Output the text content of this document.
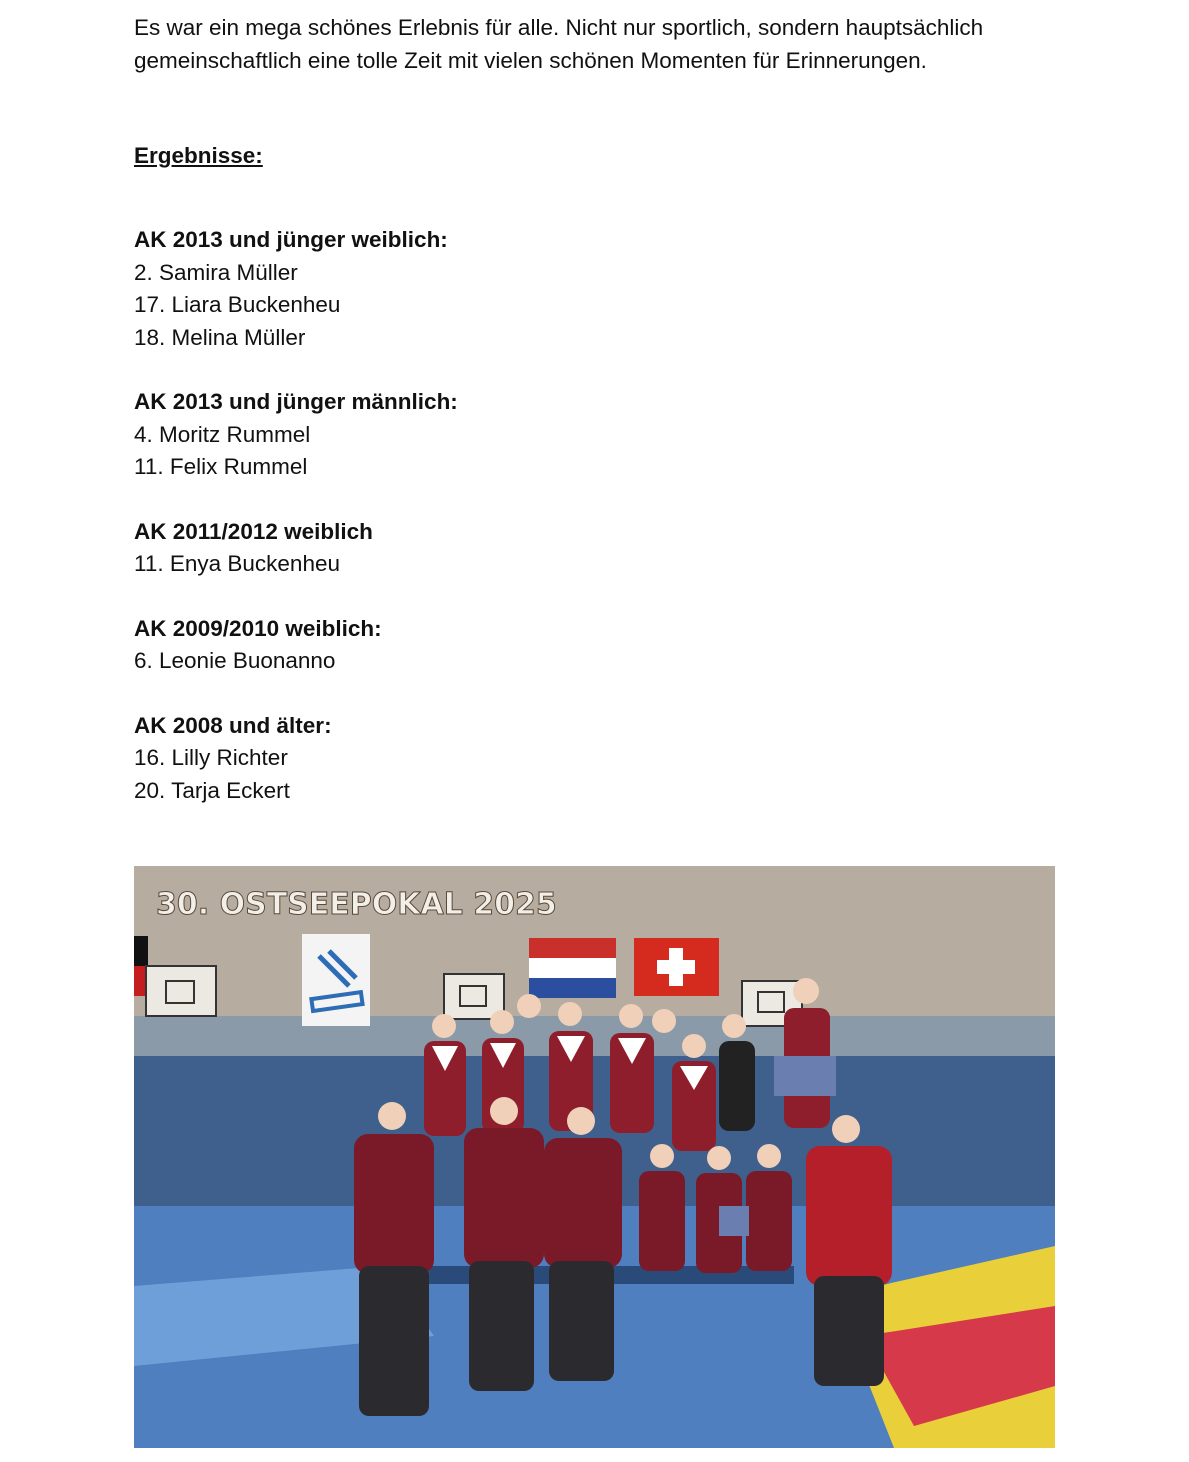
Es war ein mega schönes Erlebnis für alle. Nicht nur sportlich, sondern hauptsächlich

gemeinschaftlich eine tolle Zeit mit vielen schönen Momenten für Erinnerungen.

Ergebnisse:

AK 2013 und jünger weiblich:

2. Samira Müller

17. Liara Buckenheu

18. Melina Müller

AK 2013 und jünger männlich:

4. Moritz Rummel

11. Felix Rummel

AK 2011/2012 weiblich

11. Enya Buckenheu

AK 2009/2010 weiblich:

6. Leonie Buonanno

AK 2008 und älter:

16. Lilly Richter

20. Tarja Eckert

30. OSTSEEPOKAL 2025
